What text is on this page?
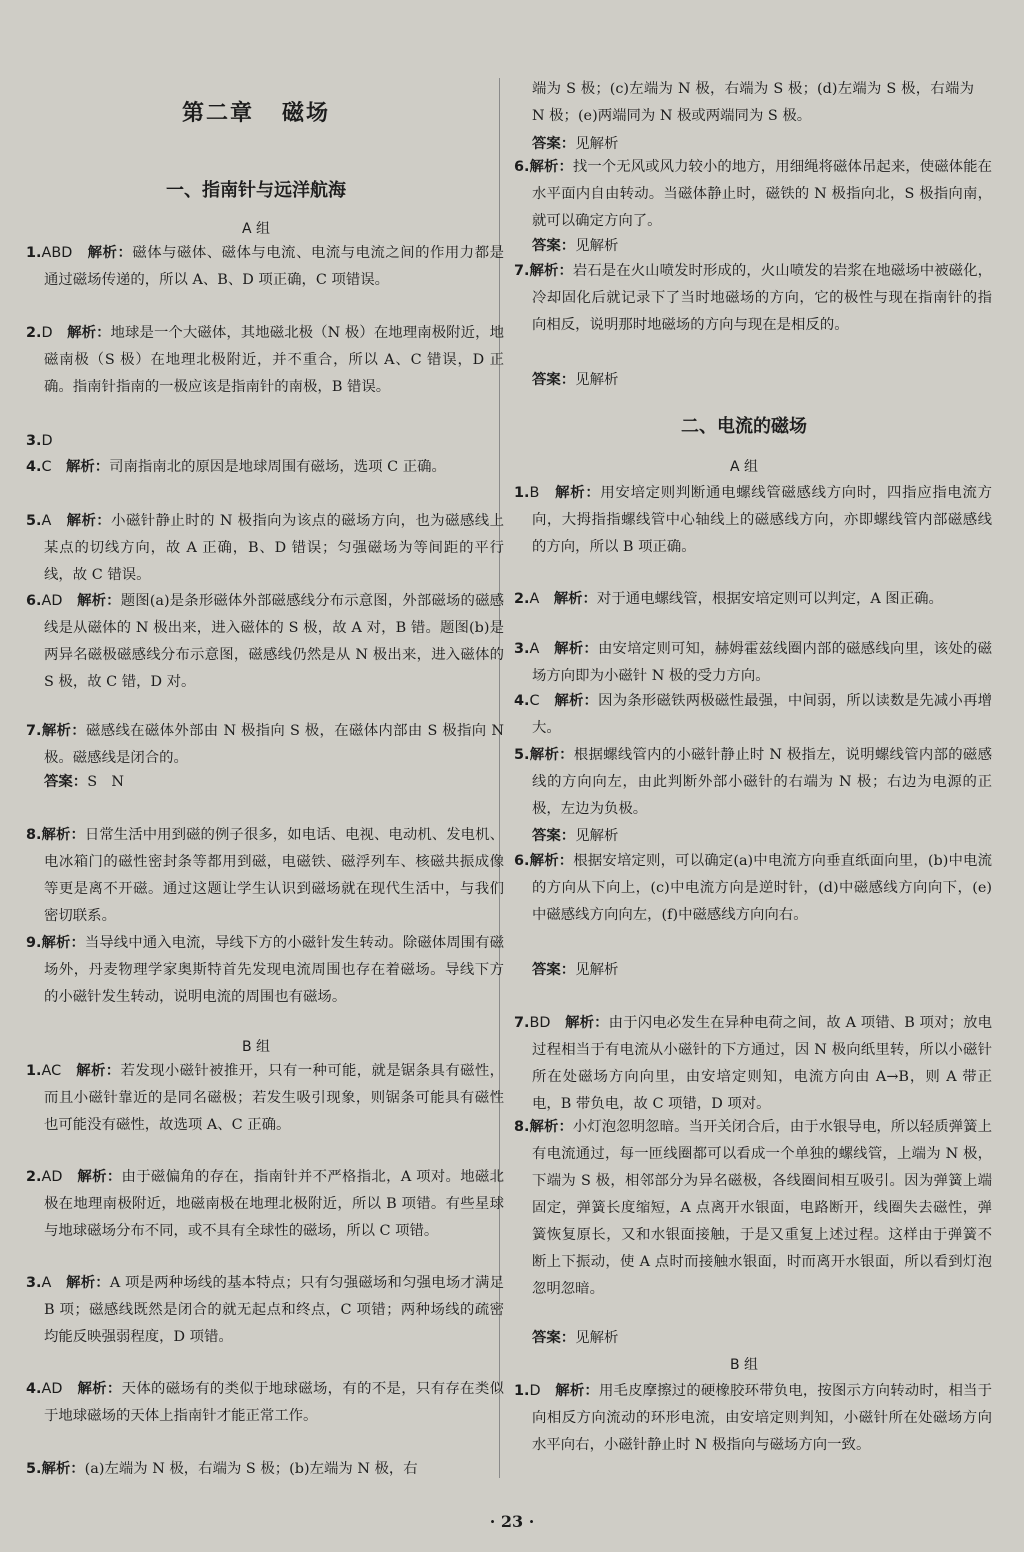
第二章 磁场
一、指南针与远洋航海
A 组
· 23 ·
1.ABD　解析：磁体与磁体、磁体与电流、电流与电流之间的作用力都是通过磁场传递的，所以 A、B、D 项正确，C 项错误。
2.D　解析：地球是一个大磁体，其地磁北极（N 极）在地理南极附近，地磁南极（S 极）在地理北极附近，并不重合，所以 A、C 错误，D 正确。指南针指南的一极应该是指南针的南极，B 错误。
3.D　
4.C　解析：司南指南北的原因是地球周围有磁场，选项 C 正确。
5.A　解析：小磁针静止时的 N 极指向为该点的磁场方向，也为磁感线上某点的切线方向，故 A 正确，B、D 错误；匀强磁场为等间距的平行线，故 C 错误。
6.AD　解析：题图(a)是条形磁体外部磁感线分布示意图，外部磁场的磁感线是从磁体的 N 极出来，进入磁体的 S 极，故 A 对，B 错。题图(b)是两异名磁极磁感线分布示意图，磁感线仍然是从 N 极出来，进入磁体的 S 极，故 C 错，D 对。
7.解析：磁感线在磁体外部由 N 极指向 S 极，在磁体内部由 S 极指向 N 极。磁感线是闭合的。
答案：S　N
8.解析：日常生活中用到磁的例子很多，如电话、电视、电动机、发电机、电冰箱门的磁性密封条等都用到磁，电磁铁、磁浮列车、核磁共振成像等更是离不开磁。通过这题让学生认识到磁场就在现代生活中，与我们密切联系。
9.解析：当导线中通入电流，导线下方的小磁针发生转动。除磁体周围有磁场外，丹麦物理学家奥斯特首先发现电流周围也存在着磁场。导线下方的小磁针发生转动，说明电流的周围也有磁场。
B 组
1.AC　解析：若发现小磁针被推开，只有一种可能，就是锯条具有磁性，而且小磁针靠近的是同名磁极；若发生吸引现象，则锯条可能具有磁性也可能没有磁性，故选项 A、C 正确。
2.AD　解析：由于磁偏角的存在，指南针并不严格指北，A 项对。地磁北极在地理南极附近，地磁南极在地理北极附近，所以 B 项错。有些星球与地球磁场分布不同，或不具有全球性的磁场，所以 C 项错。
3.A　解析：A 项是两种场线的基本特点；只有匀强磁场和匀强电场才满足 B 项；磁感线既然是闭合的就无起点和终点，C 项错；两种场线的疏密均能反映强弱程度，D 项错。
4.AD　解析：天体的磁场有的类似于地球磁场，有的不是，只有存在类似于地球磁场的天体上指南针才能正常工作。
5.解析：(a)左端为 N 极，右端为 S 极；(b)左端为 N 极，右
端为 S 极；(c)左端为 N 极，右端为 S 极；(d)左端为 S 极，右端为 N 极；(e)两端同为 N 极或两端同为 S 极。
答案：见解析
6.解析：找一个无风或风力较小的地方，用细绳将磁体吊起来，使磁体能在水平面内自由转动。当磁体静止时，磁铁的 N 极指向北，S 极指向南，就可以确定方向了。
答案：见解析
7.解析：岩石是在火山喷发时形成的，火山喷发的岩浆在地磁场中被磁化，冷却固化后就记录下了当时地磁场的方向，它的极性与现在指南针的指向相反，说明那时地磁场的方向与现在是相反的。
答案：见解析
二、电流的磁场
A 组
1.B　解析：用安培定则判断通电螺线管磁感线方向时，四指应指电流方向，大拇指指螺线管中心轴线上的磁感线方向，亦即螺线管内部磁感线的方向，所以 B 项正确。
2.A　解析：对于通电螺线管，根据安培定则可以判定，A 图正确。
3.A　解析：由安培定则可知，赫姆霍兹线圈内部的磁感线向里，该处的磁场方向即为小磁针 N 极的受力方向。
4.C　解析：因为条形磁铁两极磁性最强，中间弱，所以读数是先减小再增大。
5.解析：根据螺线管内的小磁针静止时 N 极指左，说明螺线管内部的磁感线的方向向左，由此判断外部小磁针的右端为 N 极；右边为电源的正极，左边为负极。
答案：见解析
6.解析：根据安培定则，可以确定(a)中电流方向垂直纸面向里，(b)中电流的方向从下向上，(c)中电流方向是逆时针，(d)中磁感线方向向下，(e)中磁感线方向向左，(f)中磁感线方向向右。
答案：见解析
7.BD　解析：由于闪电必发生在异种电荷之间，故 A 项错、B 项对；放电过程相当于有电流从小磁针的下方通过，因 N 极向纸里转，所以小磁针所在处磁场方向向里，由安培定则知，电流方向由 A→B，则 A 带正电，B 带负电，故 C 项错，D 项对。
8.解析：小灯泡忽明忽暗。当开关闭合后，由于水银导电，所以轻质弹簧上有电流通过，每一匝线圈都可以看成一个单独的螺线管，上端为 N 极，下端为 S 极，相邻部分为异名磁极，各线圈间相互吸引。因为弹簧上端固定，弹簧长度缩短，A 点离开水银面，电路断开，线圈失去磁性，弹簧恢复原长，又和水银面接触，于是又重复上述过程。这样由于弹簧不断上下振动，使 A 点时而接触水银面，时而离开水银面，所以看到灯泡忽明忽暗。
答案：见解析
B 组
1.D　解析：用毛皮摩擦过的硬橡胶环带负电，按图示方向转动时，相当于向相反方向流动的环形电流，由安培定则判知，小磁针所在处磁场方向水平向右，小磁针静止时 N 极指向与磁场方向一致。
